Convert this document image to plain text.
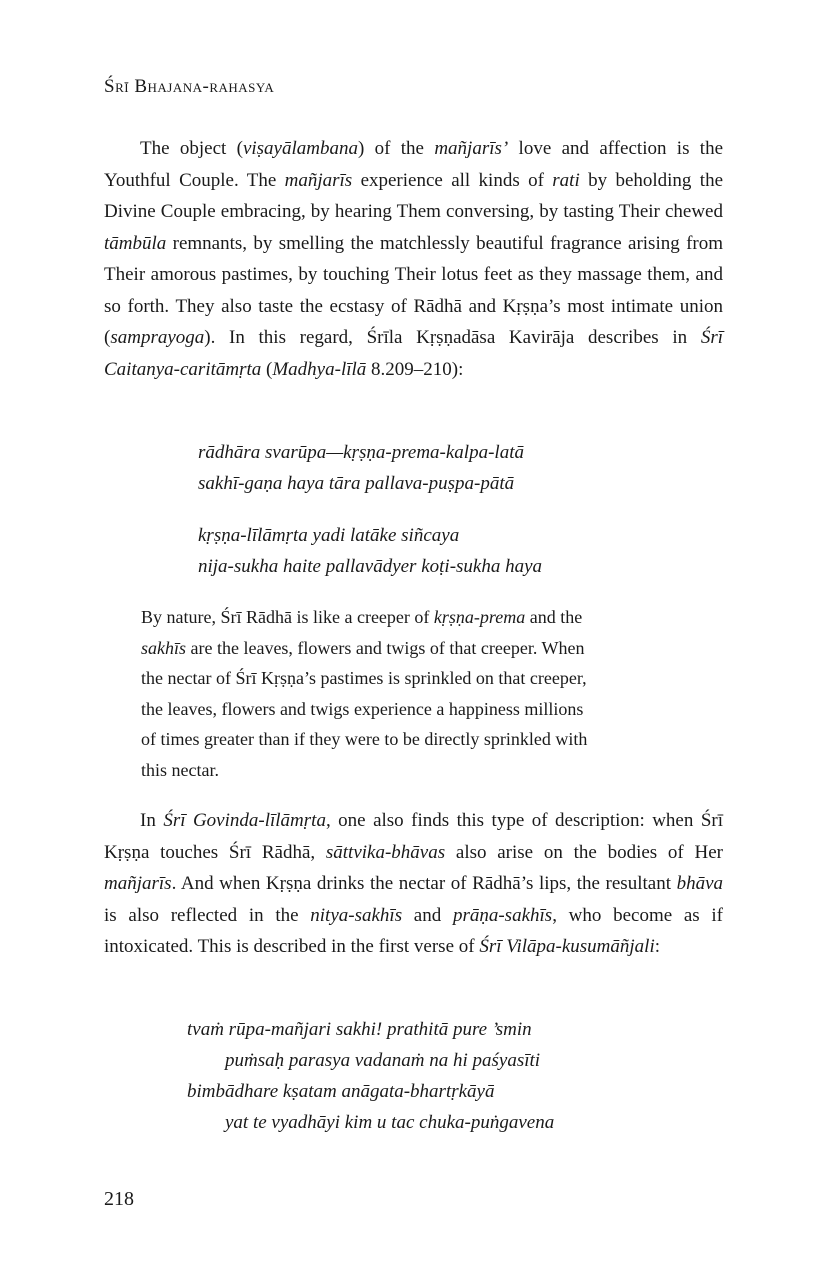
Śrī Bhajana-rahasya

The object (viṣayālambana) of the mañjarīs’ love and affection is the Youthful Couple. The mañjarīs experience all kinds of rati by beholding the Divine Couple embracing, by hearing Them conversing, by tasting Their chewed tāmbūla remnants, by smelling the matchlessly beautiful fragrance arising from Their amorous pastimes, by touching Their lotus feet as they massage them, and so forth. They also taste the ecstasy of Rādhā and Kṛṣṇa’s most intimate union (samprayoga). In this regard, Śrīla Kṛṣṇadāsa Kavirāja describes in Śrī Caitanya-caritāmṛta (Madhya-līlā 8.209–210):

rādhāra svarūpa—kṛṣṇa-prema-kalpa-latā
sakhī-gaṇa haya tāra pallava-puṣpa-pātā
kṛṣṇa-līlāmṛta yadi latāke siñcaya
nija-sukha haite pallavādyer koṭi-sukha haya
By nature, Śrī Rādhā is like a creeper of kṛṣṇa-prema and the
sakhīs are the leaves, flowers and twigs of that creeper. When
the nectar of Śrī Kṛṣṇa’s pastimes is sprinkled on that creeper,
the leaves, flowers and twigs experience a happiness millions
of times greater than if they were to be directly sprinkled with
this nectar.

In Śrī Govinda-līlāmṛta, one also finds this type of description: when Śrī Kṛṣṇa touches Śrī Rādhā, sāttvika-bhāvas also arise on the bodies of Her mañjarīs. And when Kṛṣṇa drinks the nectar of Rādhā’s lips, the resultant bhāva is also reflected in the nitya-sakhīs and prāṇa-sakhīs, who become as if intoxicated. This is described in the first verse of Śrī Vilāpa-kusumāñjali:

tvaṁ rūpa-mañjari sakhi! prathitā pure ’smin
puṁsaḥ parasya vadanaṁ na hi paśyasīti
bimbādhare kṣatam anāgata-bhartṛkāyā
yat te vyadhāyi kim u tac chuka-puṅgavena
218
